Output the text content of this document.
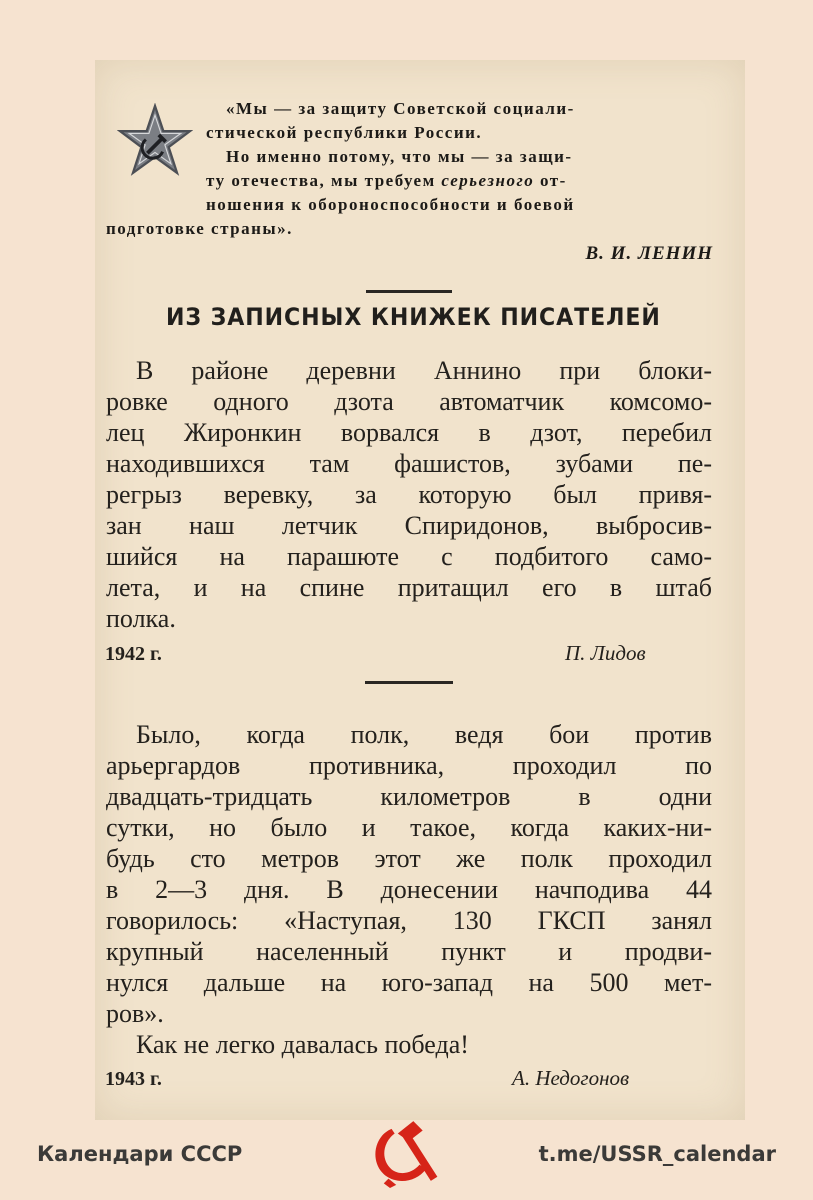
«Мы — за защиту Советской социали-
стической республики России.
Но именно потому, что мы — за защи-
ту отечества, мы требуем серьезного от-
ношения к обороноспособности и боевой
подготовке страны».
В. И. ЛЕНИН
ИЗ ЗАПИСНЫХ КНИЖЕК ПИСАТЕЛЕЙ
В районе деревни Аннино при блоки-
ровке одного дзота автоматчик комсомо-
лец Жиронкин ворвался в дзот, перебил
находившихся там фашистов, зубами пе-
регрыз веревку, за которую был привя-
зан наш летчик Спиридонов, выбросив-
шийся на парашюте с подбитого само-
лета, и на спине притащил его в штаб
полка.
1942 г.	П. Лидов
Было, когда полк, ведя бои против
арьергардов противника, проходил по
двадцать-тридцать километров в одни
сутки, но было и такое, когда каких-ни-
будь сто метров этот же полк проходил
в 2—3 дня. В донесении начподива 44
говорилось: «Наступая, 130 ГКСП занял
крупный населенный пункт и продви-
нулся дальше на юго-запад на 500 мет-
ров».
Как не легко давалась победа!
1943 г.	А. Недогонов
Календари СССР	t.me/USSR_calendar
